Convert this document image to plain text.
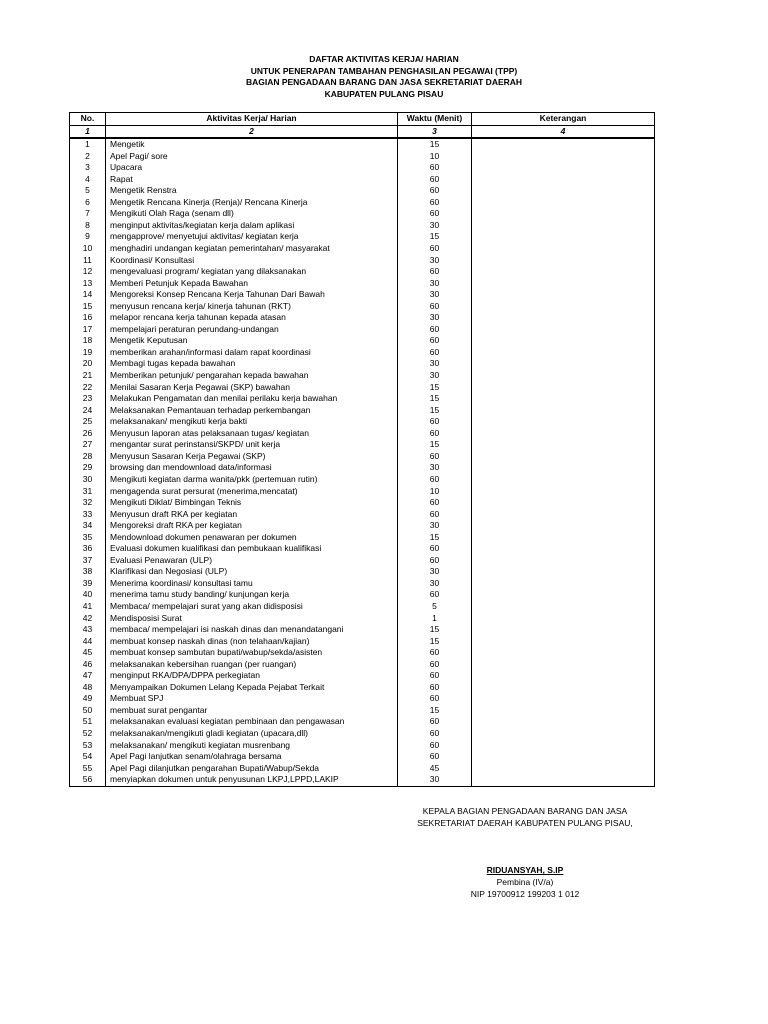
DAFTAR AKTIVITAS KERJA/ HARIAN
UNTUK PENERAPAN TAMBAHAN PENGHASILAN PEGAWAI (TPP)
BAGIAN PENGADAAN BARANG DAN JASA SEKRETARIAT DAERAH
KABUPATEN PULANG PISAU
No.	Aktivitas Kerja/ Harian	Waktu (Menit)	Keterangan
1	2	3	4
1	Mengetik	15	
2	Apel Pagi/ sore	10	
3	Upacara	60	
4	Rapat	60	
5	Mengetik Renstra	60	
6	Mengetik Rencana Kinerja (Renja)/ Rencana Kinerja	60	
7	Mengikuti Olah Raga (senam dll)	60	
8	menginput aktivitas/kegiatan kerja dalam aplikasi	30	
9	mengapprove/ menyetujui aktivitas/ kegiatan kerja	15	
10	menghadiri undangan kegiatan pemerintahan/ masyarakat	60	
11	Koordinasi/ Konsultasi	30	
12	mengevaluasi program/ kegiatan yang dilaksanakan	60	
13	Memberi Petunjuk Kepada Bawahan	30	
14	Mengoreksi Konsep Rencana Kerja Tahunan Dari Bawah	30	
15	menyusun rencana kerja/ kinerja tahunan (RKT)	60	
16	melapor rencana kerja tahunan kepada atasan	30	
17	mempelajari peraturan perundang-undangan	60	
18	Mengetik Keputusan	60	
19	memberikan arahan/informasi dalam rapat koordinasi	60	
20	Membagi tugas kepada bawahan	30	
21	Memberikan petunjuk/ pengarahan kepada bawahan	30	
22	Menilai Sasaran Kerja Pegawai (SKP) bawahan	15	
23	Melakukan Pengamatan dan menilai perilaku kerja bawahan	15	
24	Melaksanakan Pemantauan terhadap perkembangan	15	
25	melaksanakan/ mengikuti kerja bakti	60	
26	Menyusun laporan atas pelaksanaan tugas/ kegiatan	60	
27	mengantar surat perinstansi/SKPD/ unit kerja	15	
28	Menyusun Sasaran Kerja Pegawai (SKP)	60	
29	browsing dan mendownload data/informasi	30	
30	Mengikuti kegiatan darma wanita/pkk (pertemuan rutin)	60	
31	mengagenda surat persurat (menerima,mencatat)	10	
32	Mengikuti Diklat/ Bimbingan Teknis	60	
33	Menyusun draft RKA per kegiatan	60	
34	Mengoreksi draft RKA per kegiatan	30	
35	Mendownload dokumen penawaran per dokumen	15	
36	Evaluasi dokumen kualifikasi dan pembukaan kualifikasi	60	
37	Evaluasi Penawaran (ULP)	60	
38	Klarifikasi dan Negosiasi (ULP)	30	
39	Menerima koordinasi/ konsultasi tamu	30	
40	menerima tamu study banding/ kunjungan kerja	60	
41	Membaca/ mempelajari surat yang akan didisposisi	5	
42	Mendisposisi Surat	1	
43	membaca/ mempelajari isi naskah dinas dan menandatangani	15	
44	membuat konsep naskah dinas (non telahaan/kajian)	15	
45	membuat konsep sambutan bupati/wabup/sekda/asisten	60	
46	melaksanakan kebersihan ruangan (per ruangan)	60	
47	menginput RKA/DPA/DPPA perkegiatan	60	
48	Menyampaikan Dokumen Lelang Kepada Pejabat Terkait	60	
49	Membuat SPJ	60	
50	membuat surat pengantar	15	
51	melaksanakan evaluasi kegiatan pembinaan dan pengawasan	60	
52	melaksanakan/mengikuti gladi kegiatan (upacara,dll)	60	
53	melaksanakan/ mengikuti kegiatan musrenbang	60	
54	Apel Pagi lanjutkan senam/olahraga bersama	60	
55	Apel Pagi dilanjutkan pengarahan Bupati/Wabup/Sekda	45	
56	menyiapkan dokumen untuk penyusunan LKPJ,LPPD,LAKIP	30	
KEPALA BAGIAN PENGADAAN BARANG DAN JASA
SEKRETARIAT DAERAH KABUPATEN PULANG PISAU,
RIDUANSYAH, S.IP
Pembina (IV/a)
NIP 19700912 199203 1 012
